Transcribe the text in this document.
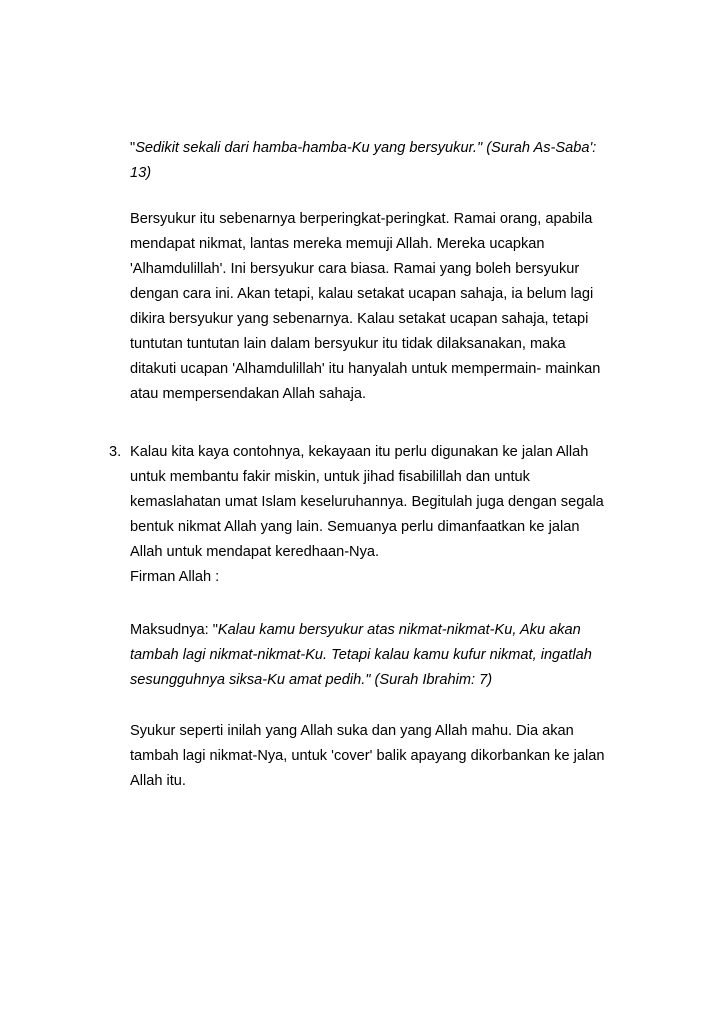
"Sedikit sekali dari hamba-hamba-Ku yang bersyukur." (Surah As-Saba':
13)
Bersyukur itu sebenarnya berperingkat-peringkat. Ramai orang, apabila
mendapat nikmat, lantas mereka memuji Allah. Mereka ucapkan
'Alhamdulillah'. Ini bersyukur cara biasa. Ramai yang boleh bersyukur
dengan cara ini. Akan tetapi, kalau setakat ucapan sahaja, ia belum lagi
dikira bersyukur yang sebenarnya. Kalau setakat ucapan sahaja, tetapi
tuntutan tuntutan lain dalam bersyukur itu tidak dilaksanakan, maka
ditakuti ucapan 'Alhamdulillah' itu hanyalah untuk mempermain- mainkan
atau mempersendakan Allah sahaja.
3. Kalau kita kaya contohnya, kekayaan itu perlu digunakan ke jalan Allah
untuk membantu fakir miskin, untuk jihad fisabilillah dan untuk
kemaslahatan umat Islam keseluruhannya. Begitulah juga dengan segala
bentuk nikmat Allah yang lain. Semuanya perlu dimanfaatkan ke jalan
Allah untuk mendapat keredhaan-Nya.
Firman Allah :
Maksudnya: "Kalau kamu bersyukur atas nikmat-nikmat-Ku, Aku akan
tambah lagi nikmat-nikmat-Ku. Tetapi kalau kamu kufur nikmat, ingatlah
sesungguhnya siksa-Ku amat pedih." (Surah Ibrahim: 7)
Syukur seperti inilah yang Allah suka dan yang Allah mahu. Dia akan
tambah lagi nikmat-Nya, untuk 'cover' balik apayang dikorbankan ke jalan
Allah itu.
